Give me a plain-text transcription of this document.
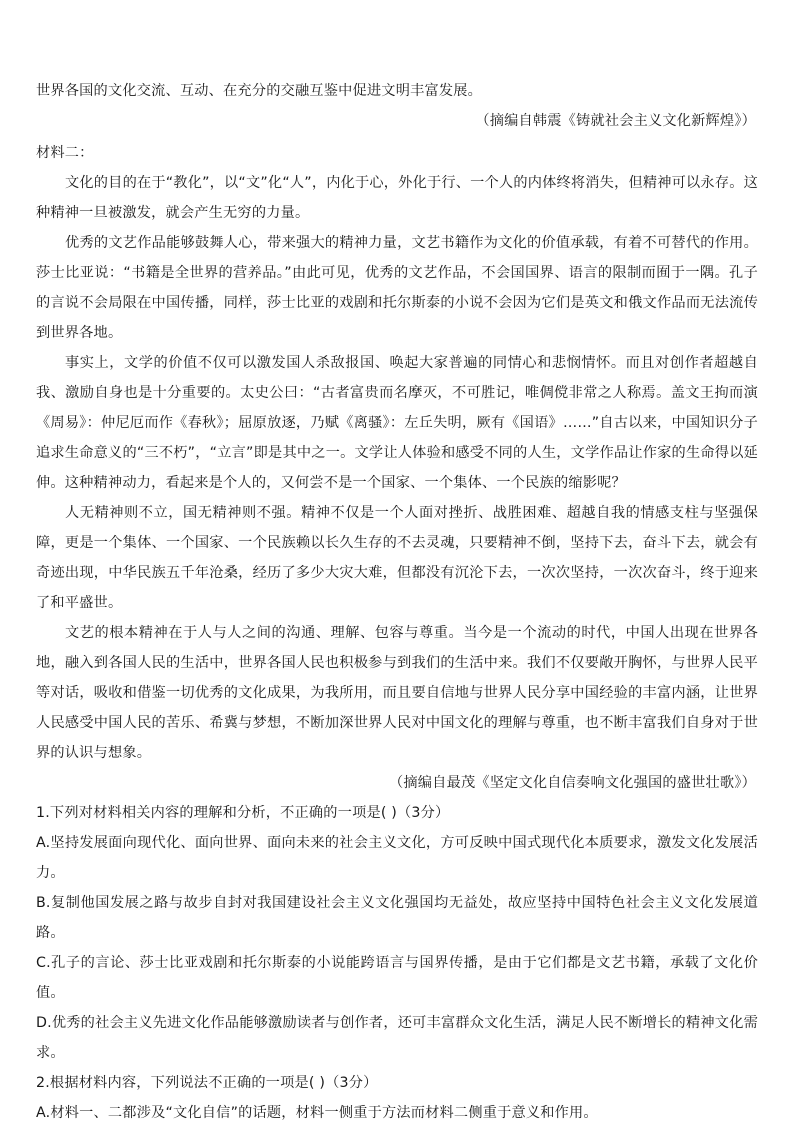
世界各国的文化交流、互动、在充分的交融互鉴中促进文明丰富发展。

（摘编自韩震《铸就社会主义文化新辉煌》）

材料二：

文化的目的在于“教化”，以“文”化“人”，内化于心，外化于行、一个人的内体终将消失，但精神可以永存。这种精神一旦被激发，就会产生无穷的力量。

优秀的文艺作品能够鼓舞人心，带来强大的精神力量，文艺书籍作为文化的价值承载，有着不可替代的作用。莎士比亚说：“书籍是全世界的营养品。”由此可见，优秀的文艺作品，不会国国界、语言的限制而囿于一隅。孔子的言说不会局限在中国传播，同样，莎士比亚的戏剧和托尔斯泰的小说不会因为它们是英文和俄文作品而无法流传到世界各地。

事实上，文学的价值不仅可以激发国人杀敌报国、唤起大家普遍的同情心和悲悯情怀。而且对创作者超越自我、激励自身也是十分重要的。太史公曰：“古者富贵而名摩灭，不可胜记，唯倜傥非常之人称焉。盖文王拘而演《周易》：仲尼厄而作《春秋》；屈原放逐，乃赋《离骚》：左丘失明，厥有《国语》……”自古以来，中国知识分子追求生命意义的“三不朽”，“立言”即是其中之一。文学让人体验和感受不同的人生，文学作品让作家的生命得以延伸。这种精神动力，看起来是个人的，又何尝不是一个国家、一个集体、一个民族的缩影呢？

人无精神则不立，国无精神则不强。精神不仅是一个人面对挫折、战胜困难、超越自我的情感支柱与坚强保障，更是一个集体、一个国家、一个民族赖以长久生存的不去灵魂，只要精神不倒，坚持下去，奋斗下去，就会有奇迹出现，中华民族五千年沧桑，经历了多少大灾大难，但都没有沉沦下去，一次次坚持，一次次奋斗，终于迎来了和平盛世。

文艺的根本精神在于人与人之间的沟通、理解、包容与尊重。当今是一个流动的时代，中国人出现在世界各地，融入到各国人民的生活中，世界各国人民也积极参与到我们的生活中来。我们不仅要敞开胸怀，与世界人民平等对话，吸收和借鉴一切优秀的文化成果，为我所用，而且要自信地与世界人民分享中国经验的丰富内涵，让世界人民感受中国人民的苦乐、希冀与梦想，不断加深世界人民对中国文化的理解与尊重，也不断丰富我们自身对于世界的认识与想象。

（摘编自最茂《坚定文化自信奏响文化强国的盛世壮歌》）

1.下列对材料相关内容的理解和分析，不正确的一项是( )（3分）

A.坚持发展面向现代化、面向世界、面向未来的社会主义文化，方可反映中国式现代化本质要求，激发文化发展活力。

B.复制他国发展之路与故步自封对我国建设社会主义文化强国均无益处，故应坚持中国特色社会主义文化发展道路。

C.孔子的言论、莎士比亚戏剧和托尔斯泰的小说能跨语言与国界传播，是由于它们都是文艺书籍，承载了文化价值。

D.优秀的社会主义先进文化作品能够激励读者与创作者，还可丰富群众文化生活，满足人民不断增长的精神文化需求。

2.根据材料内容，下列说法不正确的一项是( )（3分）

A.材料一、二都涉及“文化自信”的话题，材料一侧重于方法而材料二侧重于意义和作用。
